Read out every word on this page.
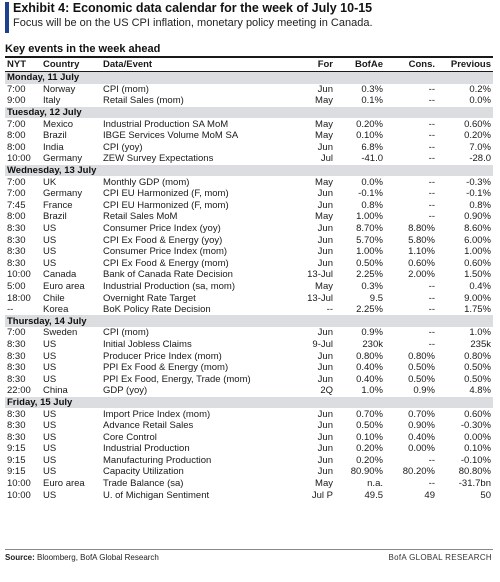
Exhibit 4: Economic data calendar for the week of July 10-15
Focus will be on the US CPI inflation, monetary policy meeting in Canada.
Key events in the week ahead
NYT	Country	Data/Event	For	BofAe	Cons.	Previous
Monday, 11 July						
7:00	Norway	CPI (mom)	Jun	0.3%	--	0.2%
9:00	Italy	Retail Sales (mom)	May	0.1%	--	0.0%
Tuesday, 12 July						
7:00	Mexico	Industrial Production SA MoM	May	0.20%	--	0.60%
8:00	Brazil	IBGE Services Volume MoM SA	May	0.10%	--	0.20%
8:00	India	CPI (yoy)	Jun	6.8%	--	7.0%
10:00	Germany	ZEW Survey Expectations	Jul	-41.0	--	-28.0
Wednesday, 13 July						
7:00	UK	Monthly GDP (mom)	May	0.0%	--	-0.3%
7:00	Germany	CPI EU Harmonized (F, mom)	Jun	-0.1%	--	-0.1%
7:45	France	CPI EU Harmonized (F, mom)	Jun	0.8%	--	0.8%
8:00	Brazil	Retail Sales MoM	May	1.00%	--	0.90%
8:30	US	Consumer Price Index (yoy)	Jun	8.70%	8.80%	8.60%
8:30	US	CPI Ex Food & Energy (yoy)	Jun	5.70%	5.80%	6.00%
8:30	US	Consumer Price Index (mom)	Jun	1.00%	1.10%	1.00%
8:30	US	CPI Ex Food & Energy (mom)	Jun	0.50%	0.60%	0.60%
10:00	Canada	Bank of Canada Rate Decision	13-Jul	2.25%	2.00%	1.50%
5:00	Euro area	Industrial Production (sa, mom)	May	0.3%	--	0.4%
18:00	Chile	Overnight Rate Target	13-Jul	9.5	--	9.00%
--	Korea	BoK Policy Rate Decision	--	2.25%	--	1.75%
Thursday, 14 July						
7:00	Sweden	CPI (mom)	Jun	0.9%	--	1.0%
8:30	US	Initial Jobless Claims	9-Jul	230k	--	235k
8:30	US	Producer Price Index (mom)	Jun	0.80%	0.80%	0.80%
8:30	US	PPI Ex Food & Energy (mom)	Jun	0.40%	0.50%	0.50%
8:30	US	PPI Ex Food, Energy, Trade (mom)	Jun	0.40%	0.50%	0.50%
22:00	China	GDP (yoy)	2Q	1.0%	0.9%	4.8%
Friday, 15 July						
8:30	US	Import Price Index (mom)	Jun	0.70%	0.70%	0.60%
8:30	US	Advance Retail Sales	Jun	0.50%	0.90%	-0.30%
8:30	US	Core Control	Jun	0.10%	0.40%	0.00%
9:15	US	Industrial Production	Jun	0.20%	0.00%	0.10%
9:15	US	Manufacturing Production	Jun	0.20%	--	-0.10%
9:15	US	Capacity Utilization	Jun	80.90%	80.20%	80.80%
10:00	Euro area	Trade Balance (sa)	May	n.a.	--	-31.7bn
10:00	US	U. of Michigan Sentiment	Jul P	49.5	49	50
Source: Bloomberg, BofA Global Research	BofA GLOBAL RESEARCH
